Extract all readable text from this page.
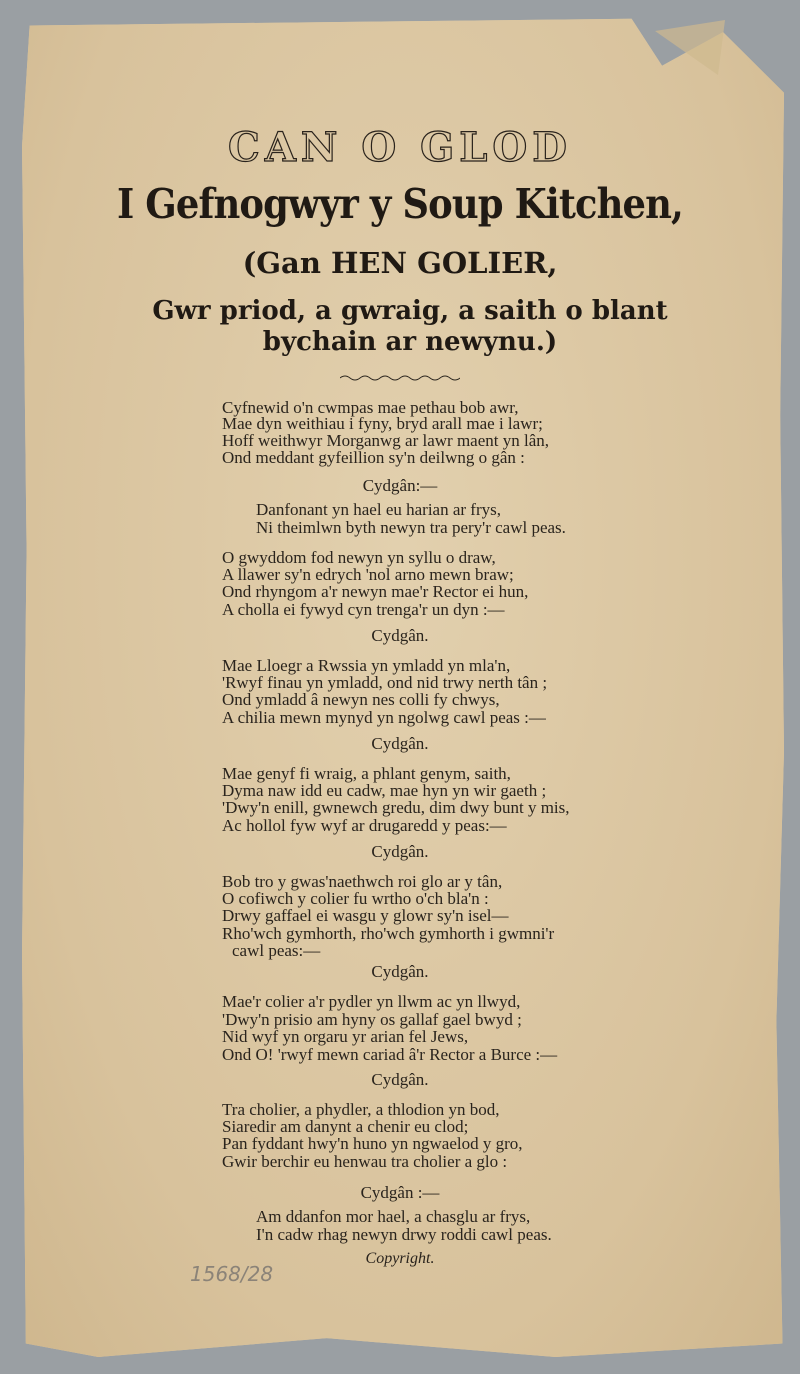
CAN O GLOD
I Gefnogwyr y Soup Kitchen,
(Gan HEN GOLIER,
Gwr priod, a gwraig, a saith o blant bychain ar newynu.)
Cyfnewid o'n cwmpas mae pethau bob awr,
Mae dyn weithiau i fyny, bryd arall mae i lawr;
Hoff weithwyr Morganwg ar lawr maent yn lân,
Ond meddant gyfeillion sy'n deilwng o gân :
Cydgân:—
Danfonant yn hael eu harian ar frys,
Ni theimlwn byth newyn tra pery'r cawl peas.
O gwyddom fod newyn yn syllu o draw,
A llawer sy'n edrych 'nol arno mewn braw;
Ond rhyngom a'r newyn mae'r Rector ei hun,
A cholla ei fywyd cyn trenga'r un dyn :—
Cydgân.
Mae Lloegr a Rwssia yn ymladd yn mla'n,
'Rwyf finau yn ymladd, ond nid trwy nerth tân ;
Ond ymladd â newyn nes colli fy chwys,
A chilia mewn mynyd yn ngolwg cawl peas :—
Cydgân.
Mae genyf fi wraig, a phlant genym, saith,
Dyma naw idd eu cadw, mae hyn yn wir gaeth ;
'Dwy'n enill, gwnewch gredu, dim dwy bunt y mis,
Ac hollol fyw wyf ar drugaredd y peas:—
Cydgân.
Bob tro y gwas'naethwch roi glo ar y tân,
O cofiwch y colier fu wrtho o'ch bla'n :
Drwy gaffael ei wasgu y glowr sy'n isel—
Rho'wch gymhorth, rho'wch gymhorth i gwmni'r
cawl peas:—
Cydgân.
Mae'r colier a'r pydler yn llwm ac yn llwyd,
'Dwy'n prisio am hyny os gallaf gael bwyd ;
Nid wyf yn orgaru yr arian fel Jews,
Ond O! 'rwyf mewn cariad â'r Rector a Burce :—
Cydgân.
Tra cholier, a phydler, a thlodion yn bod,
Siaredir am danynt a chenir eu clod;
Pan fyddant hwy'n huno yn ngwaelod y gro,
Gwir berchir eu henwau tra cholier a glo :
Cydgân :—
Am ddanfon mor hael, a chasglu ar frys,
I'n cadw rhag newyn drwy roddi cawl peas.
Copyright.
1568/28
